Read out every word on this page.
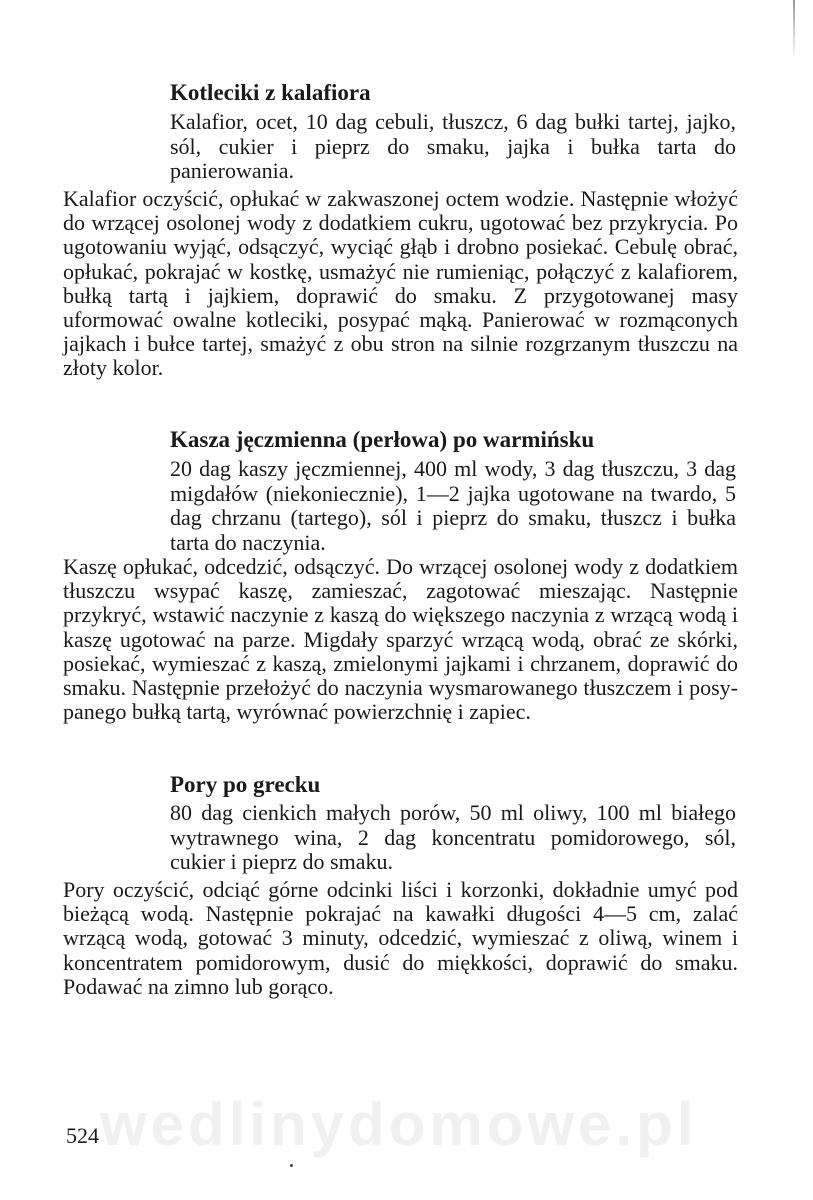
wedlinydomowe.pl
Kotleciki z kalafiora

Kalafior, ocet, 10 dag cebuli, tłuszcz, 6 dag bułki tartej, jajko, sól, cukier i pieprz do smaku, jajka i bułka tarta do panierowania.

Kalafior oczyścić, opłukać w zakwaszonej octem wodzie. Następnie włożyć do wrzącej osolonej wody z dodatkiem cukru, ugotować bez przykrycia. Po ugotowaniu wyjąć, odsączyć, wyciąć głąb i drobno posiekać. Cebulę obrać, opłukać, pokrajać w kostkę, usmażyć nie rumieniąc, połączyć z kalafiorem, bułką tartą i jajkiem, doprawić do smaku. Z przygotowanej masy uformować owalne kotleciki, posypać mąką. Panierować w rozmąconych jajkach i bułce tartej, smażyć z obu stron na silnie rozgrzanym tłuszczu na złoty kolor.

Kasza jęczmienna (perłowa) po warmińsku

20 dag kaszy jęczmiennej, 400 ml wody, 3 dag tłuszczu, 3 dag migdałów (niekoniecznie), 1—2 jajka ugotowane na twardo, 5 dag chrzanu (tartego), sól i pieprz do smaku, tłuszcz i bułka tarta do naczynia.

Kaszę opłukać, odcedzić, odsączyć. Do wrzącej osolonej wody z dodatkiem tłuszczu wsypać kaszę, zamieszać, zagotować mieszając. Następnie przykryć, wstawić naczynie z kaszą do większego naczynia z wrzącą wodą i kaszę ugotować na parze. Migdały sparzyć wrzącą wodą, obrać ze skórki, posiekać, wymieszać z kaszą, zmielonymi jajkami i chrzanem, doprawić do smaku. Następnie przełożyć do naczynia wysmarowanego tłuszczem i posypanego bułką tartą, wyrównać powierzchnię i zapiec.

Pory po grecku

80 dag cienkich małych porów, 50 ml oliwy, 100 ml białego wytrawnego wina, 2 dag koncentratu pomidorowego, sól, cukier i pieprz do smaku.

Pory oczyścić, odciąć górne odcinki liści i korzonki, dokładnie umyć pod bieżącą wodą. Następnie pokrajać na kawałki długości 4—5 cm, zalać wrzącą wodą, gotować 3 minuty, odcedzić, wymieszać z oliwą, winem i koncentratem pomidorowym, dusić do miękkości, doprawić do smaku. Podawać na zimno lub gorąco.

524
